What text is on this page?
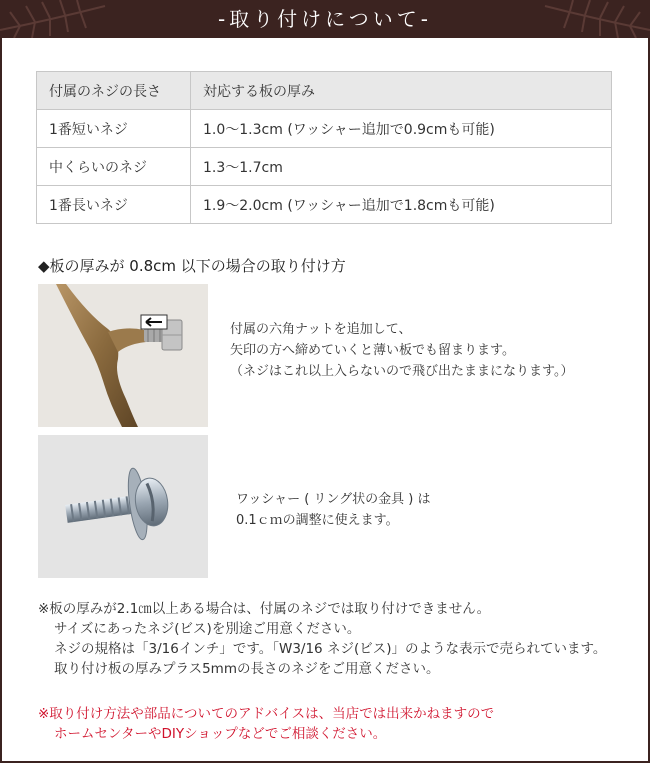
-取り付けについて-
付属のネジの長さ	対応する板の厚み
1番短いネジ	1.0〜1.3cm (ワッシャー追加で0.9cmも可能)
中くらいのネジ	1.3〜1.7cm
1番長いネジ	1.9〜2.0cm (ワッシャー追加で1.8cmも可能)
◆板の厚みが 0.8cm 以下の場合の取り付け方
付属の六角ナットを追加して、
矢印の方へ締めていくと薄い板でも留まります。
（ネジはこれ以上入らないので飛び出たままになります。）
ワッシャー ( リング状の金具 ) は
0.1ｃｍの調整に使えます。
※板の厚みが2.1㎝以上ある場合は、付属のネジでは取り付けできません。
サイズにあったネジ(ビス)を別途ご用意ください。
ネジの規格は「3/16インチ」です。「W3/16 ネジ(ビス)」のような表示で売られています。
取り付け板の厚みプラス5mmの長さのネジをご用意ください。
※取り付け方法や部品についてのアドバイスは、当店では出来かねますので
ホームセンターやDIYショップなどでご相談ください。
